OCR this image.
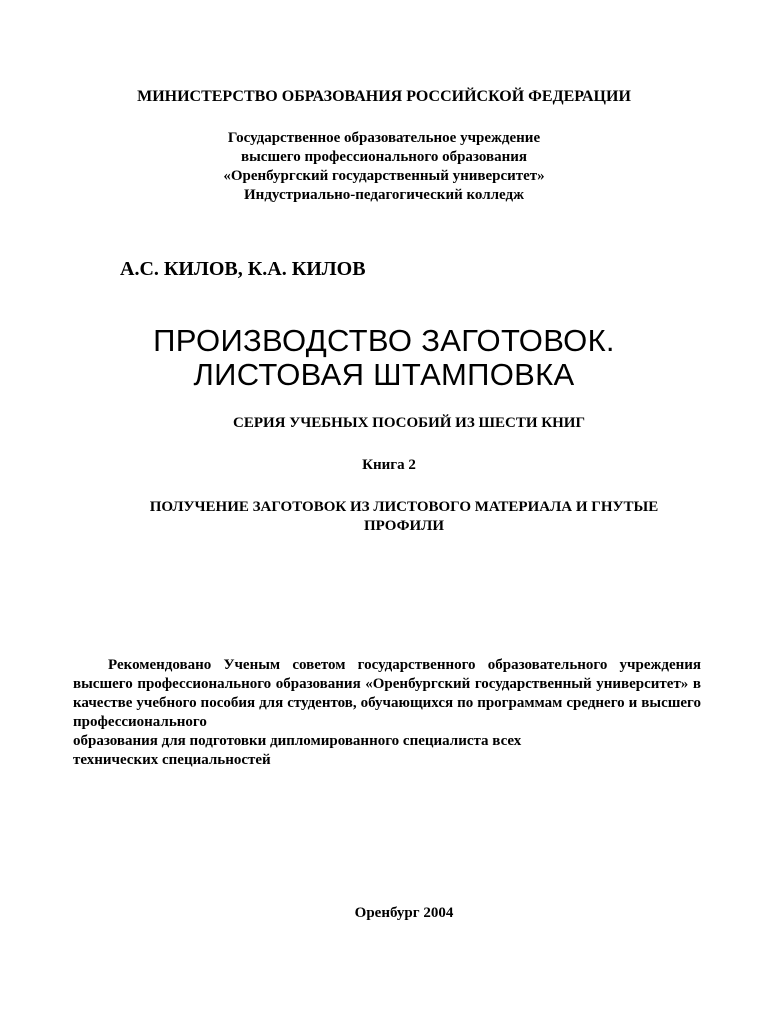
МИНИСТЕРСТВО ОБРАЗОВАНИЯ РОССИЙСКОЙ ФЕДЕРАЦИИ
Государственное образовательное учреждение
высшего профессионального образования
«Оренбургский государственный университет»
Индустриально-педагогический колледж
А.С. КИЛОВ, К.А. КИЛОВ
ПРОИЗВОДСТВО ЗАГОТОВОК.
ЛИСТОВАЯ ШТАМПОВКА
СЕРИЯ УЧЕБНЫХ ПОСОБИЙ ИЗ ШЕСТИ КНИГ
Книга 2
ПОЛУЧЕНИЕ ЗАГОТОВОК ИЗ ЛИСТОВОГО МАТЕРИАЛА И ГНУТЫЕ
ПРОФИЛИ
Рекомендовано Ученым советом государственного образовательного учреждения высшего профессионального образования «Оренбургский государственный университет» в качестве учебного пособия для студентов, обучающихся по программам среднего и высшего профессионального
образования для подготовки дипломированного специалиста всех
технических специальностей
Оренбург 2004
